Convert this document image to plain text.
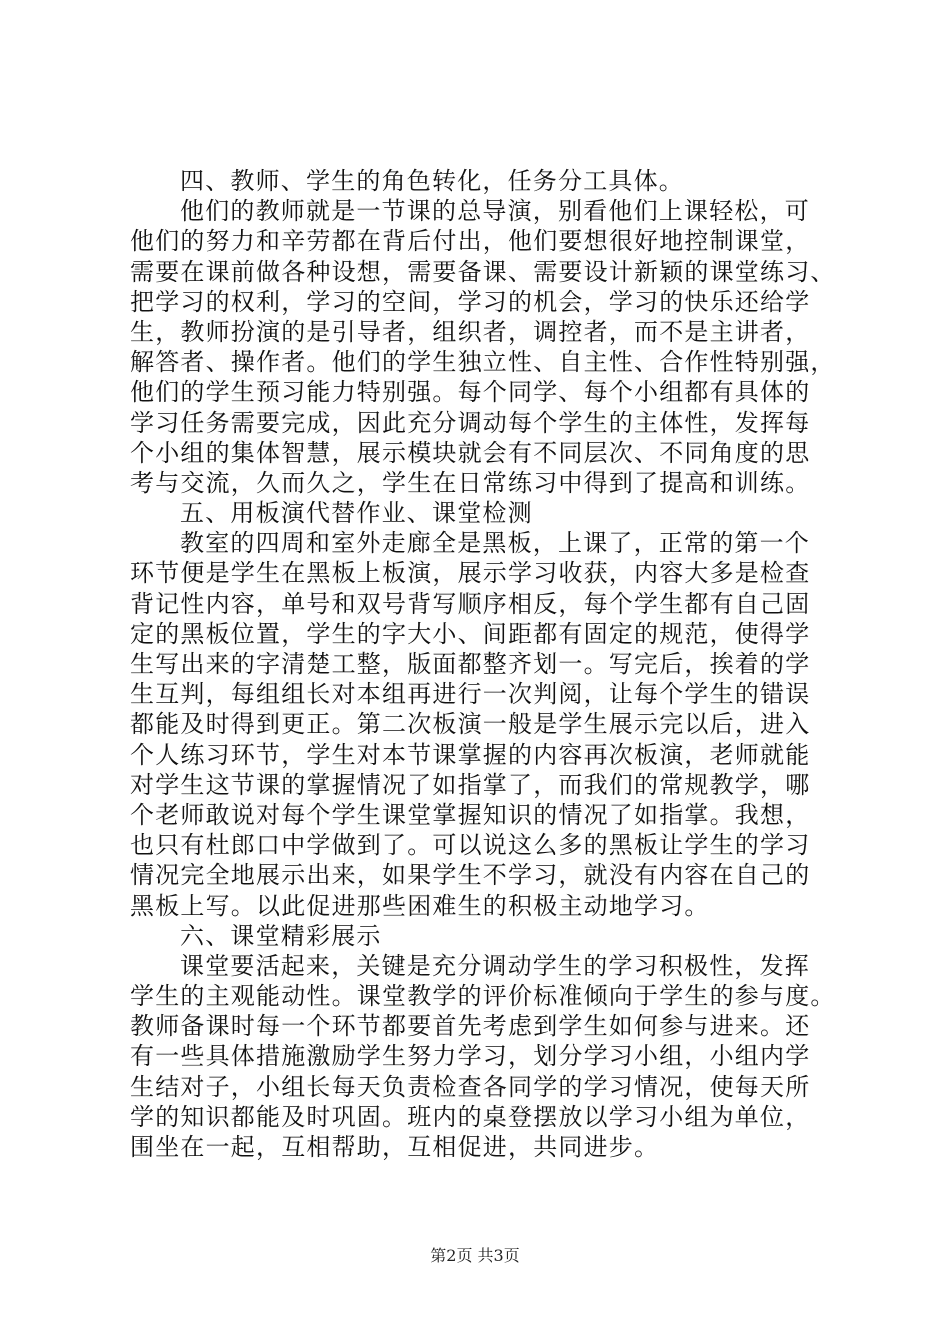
四、教师、学生的角色转化，任务分工具体。
他们的教师就是一节课的总导演，别看他们上课轻松，可
他们的努力和辛劳都在背后付出，他们要想很好地控制课堂，
需要在课前做各种设想，需要备课、需要设计新颖的课堂练习、
把学习的权利，学习的空间，学习的机会，学习的快乐还给学
生，教师扮演的是引导者，组织者，调控者，而不是主讲者，
解答者、操作者。他们的学生独立性、自主性、合作性特别强，
他们的学生预习能力特别强。每个同学、每个小组都有具体的
学习任务需要完成，因此充分调动每个学生的主体性，发挥每
个小组的集体智慧，展示模块就会有不同层次、不同角度的思
考与交流，久而久之，学生在日常练习中得到了提高和训练。
五、用板演代替作业、课堂检测
教室的四周和室外走廊全是黑板，上课了，正常的第一个
环节便是学生在黑板上板演，展示学习收获，内容大多是检查
背记性内容，单号和双号背写顺序相反，每个学生都有自己固
定的黑板位置，学生的字大小、间距都有固定的规范，使得学
生写出来的字清楚工整，版面都整齐划一。写完后，挨着的学
生互判，每组组长对本组再进行一次判阅，让每个学生的错误
都能及时得到更正。第二次板演一般是学生展示完以后，进入
个人练习环节，学生对本节课掌握的内容再次板演，老师就能
对学生这节课的掌握情况了如指掌了，而我们的常规教学，哪
个老师敢说对每个学生课堂掌握知识的情况了如指掌。我想，
也只有杜郎口中学做到了。可以说这么多的黑板让学生的学习
情况完全地展示出来，如果学生不学习，就没有内容在自己的
黑板上写。以此促进那些困难生的积极主动地学习。
六、课堂精彩展示
课堂要活起来，关键是充分调动学生的学习积极性，发挥
学生的主观能动性。课堂教学的评价标准倾向于学生的参与度。
教师备课时每一个环节都要首先考虑到学生如何参与进来。还
有一些具体措施激励学生努力学习，划分学习小组，小组内学
生结对子，小组长每天负责检查各同学的学习情况，使每天所
学的知识都能及时巩固。班内的桌登摆放以学习小组为单位，
围坐在一起，互相帮助，互相促进，共同进步。
第2页 共3页
